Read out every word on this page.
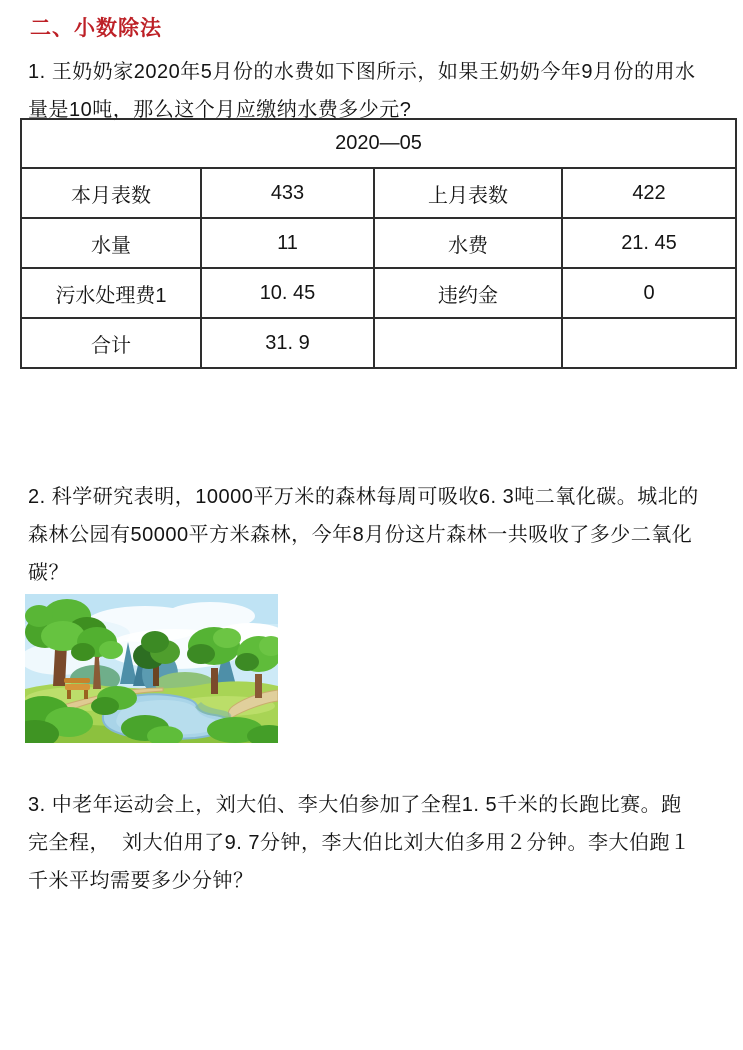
二、小数除法
1. 王奶奶家2020年5月份的水费如下图所示，如果王奶奶今年9月份的用水
量是10吨，那么这个月应缴纳水费多少元?
2020—05			
本月表数	433	上月表数	422
水量	11	水费	21. 45
污水处理费1	10. 45	违约金	0
合计	31. 9		
2. 科学研究表明，10000平万米的森林每周可吸收6. 3吨二氧化碳。城北的
森林公园有50000平方米森林，今年8月份这片森林一共吸收了多少二氧化
碳？
3. 中老年运动会上，刘大伯、李大伯参加了全程1. 5千米的长跑比赛。跑
完全程，  刘大伯用了9. 7分钟，李大伯比刘大伯多用２分钟。李大伯跑１
千米平均需要多少分钟？
